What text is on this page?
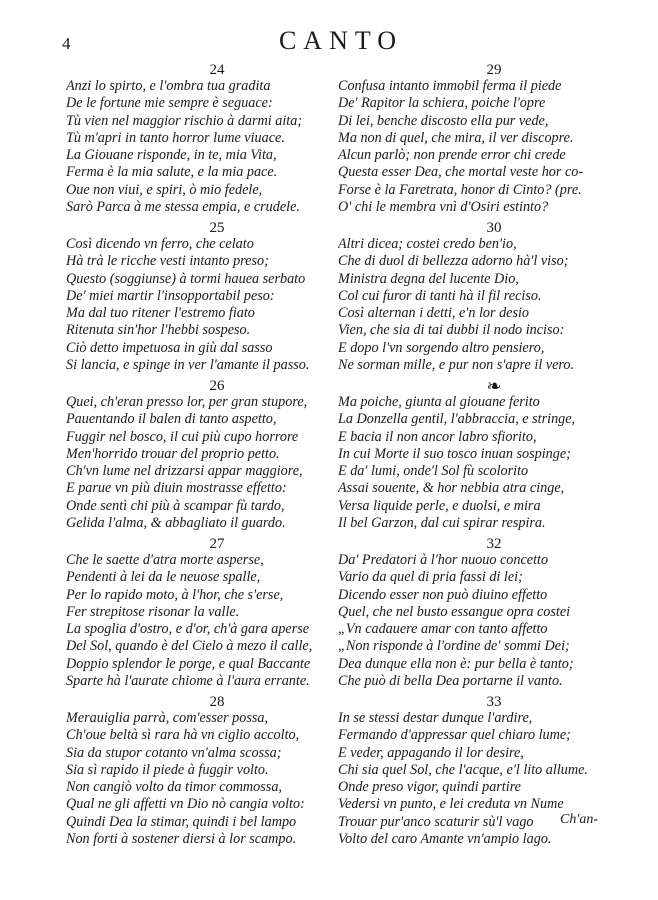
4	CANTO
24
Anzi lo spirto, e l'ombra tua gradita
De le fortune mie sempre è seguace:
Tù vien nel maggior rischio à darmi aita;
Tù m'apri in tanto horror lume viuace.
La Giouane risponde, in te, mia Vita,
Ferma è la mia salute, e la mia pace.
Oue non viui, e spiri, ò mio fedele,
Sarò Parca à me stessa empia, e crudele.
25
Così dicendo vn ferro, che celato
Hà trà le ricche vesti intanto preso;
Questo (soggiunse) à tormi hauea serbato
De' miei martir l'insopportabil peso:
Ma dal tuo ritener l'estremo fiato
Ritenuta sin'hor l'hebbi sospeso.
Ciò detto impetuosa in giù dal sasso
Si lancia, e spinge in ver l'amante il passo.
26
Quei, ch'eran presso lor, per gran stupore,
Pauentando il balen di tanto aspetto,
Fuggir nel bosco, il cui più cupo horrore
Men'horrido trouar del proprio petto.
Ch'vn lume nel drizzarsi appar maggiore,
E parue vn più diuin mostrasse effetto:
Onde sentì chi più à scampar fù tardo,
Gelida l'alma, & abbagliato il guardo.
27
Che le saette d'atra morte asperse,
Pendenti à lei da le neuose spalle,
Per lo rapido moto, à l'hor, che s'erse,
Fer strepitose risonar la valle.
La spoglia d'ostro, e d'or, ch'à gara aperse
Del Sol, quando è del Cielo à mezo il calle,
Doppio splendor le porge, e qual Baccante
Sparte hà l'aurate chiome à l'aura errante.
28
Merauiglia parrà, com'esser possa,
Ch'oue beltà sì rara hà vn ciglio accolto,
Sia da stupor cotanto vn'alma scossa;
Sia sì rapido il piede à fuggir volto.
Non cangiò volto da timor commossa,
Qual ne gli affetti vn Dio nò cangia volto:
Quindi Dea la stimar, quindi i bel lampo
Non forti à sostener diersi à lor scampo.
29
Confusa intanto immobil ferma il piede
De' Rapitor la schiera, poiche l'opre
Di lei, benche discosto ella pur vede,
Ma non di quel, che mira, il ver discopre.
Alcun parlò; non prende error chi crede
Questa esser Dea, che mortal veste hor co-
Forse è la Faretrata, honor di Cinto? (pre.
O' chi le membra vnì d'Osiri estinto?
30
Altri dicea; costei credo ben'io,
Che di duol di bellezza adorno hà'l viso;
Ministra degna del lucente Dio,
Col cui furor di tanti hà il fil reciso.
Così alternan i detti, e'n lor desio
Vien, che sia di tai dubbi il nodo inciso:
E dopo l'vn sorgendo altro pensiero,
Ne sorman mille, e pur non s'apre il vero.
❧
Ma poiche, giunta al giouane ferito
La Donzella gentil, l'abbraccia, e stringe,
E bacia il non ancor labro sfiorito,
In cui Morte il suo tosco inuan sospinge;
E da' lumi, onde'l Sol fù scolorito
Assai souente, & hor nebbia atra cinge,
Versa liquide perle, e duolsi, e mira
Il bel Garzon, dal cui spirar respira.
32
Da' Predatori à l'hor nuouo concetto
Vario da quel di pria fassi di lei;
Dicendo esser non può diuino effetto
Quel, che nel busto essangue opra costei
„Vn cadauere amar con tanto affetto
„Non risponde à l'ordine de' sommi Dei;
Dea dunque ella non è: pur bella è tanto;
Che può di bella Dea portarne il vanto.
33
In se stessi destar dunque l'ardire,
Fermando d'appressar quel chiaro lume;
E veder, appagando il lor desire,
Chi sia quel Sol, che l'acque, e'l lito allume.
Onde preso vigor, quindi partire
Vedersi vn punto, e lei creduta vn Nume
Trouar pur'anco scaturir sù'l vago
Volto del caro Amante vn'ampio lago.
Ch'an-
